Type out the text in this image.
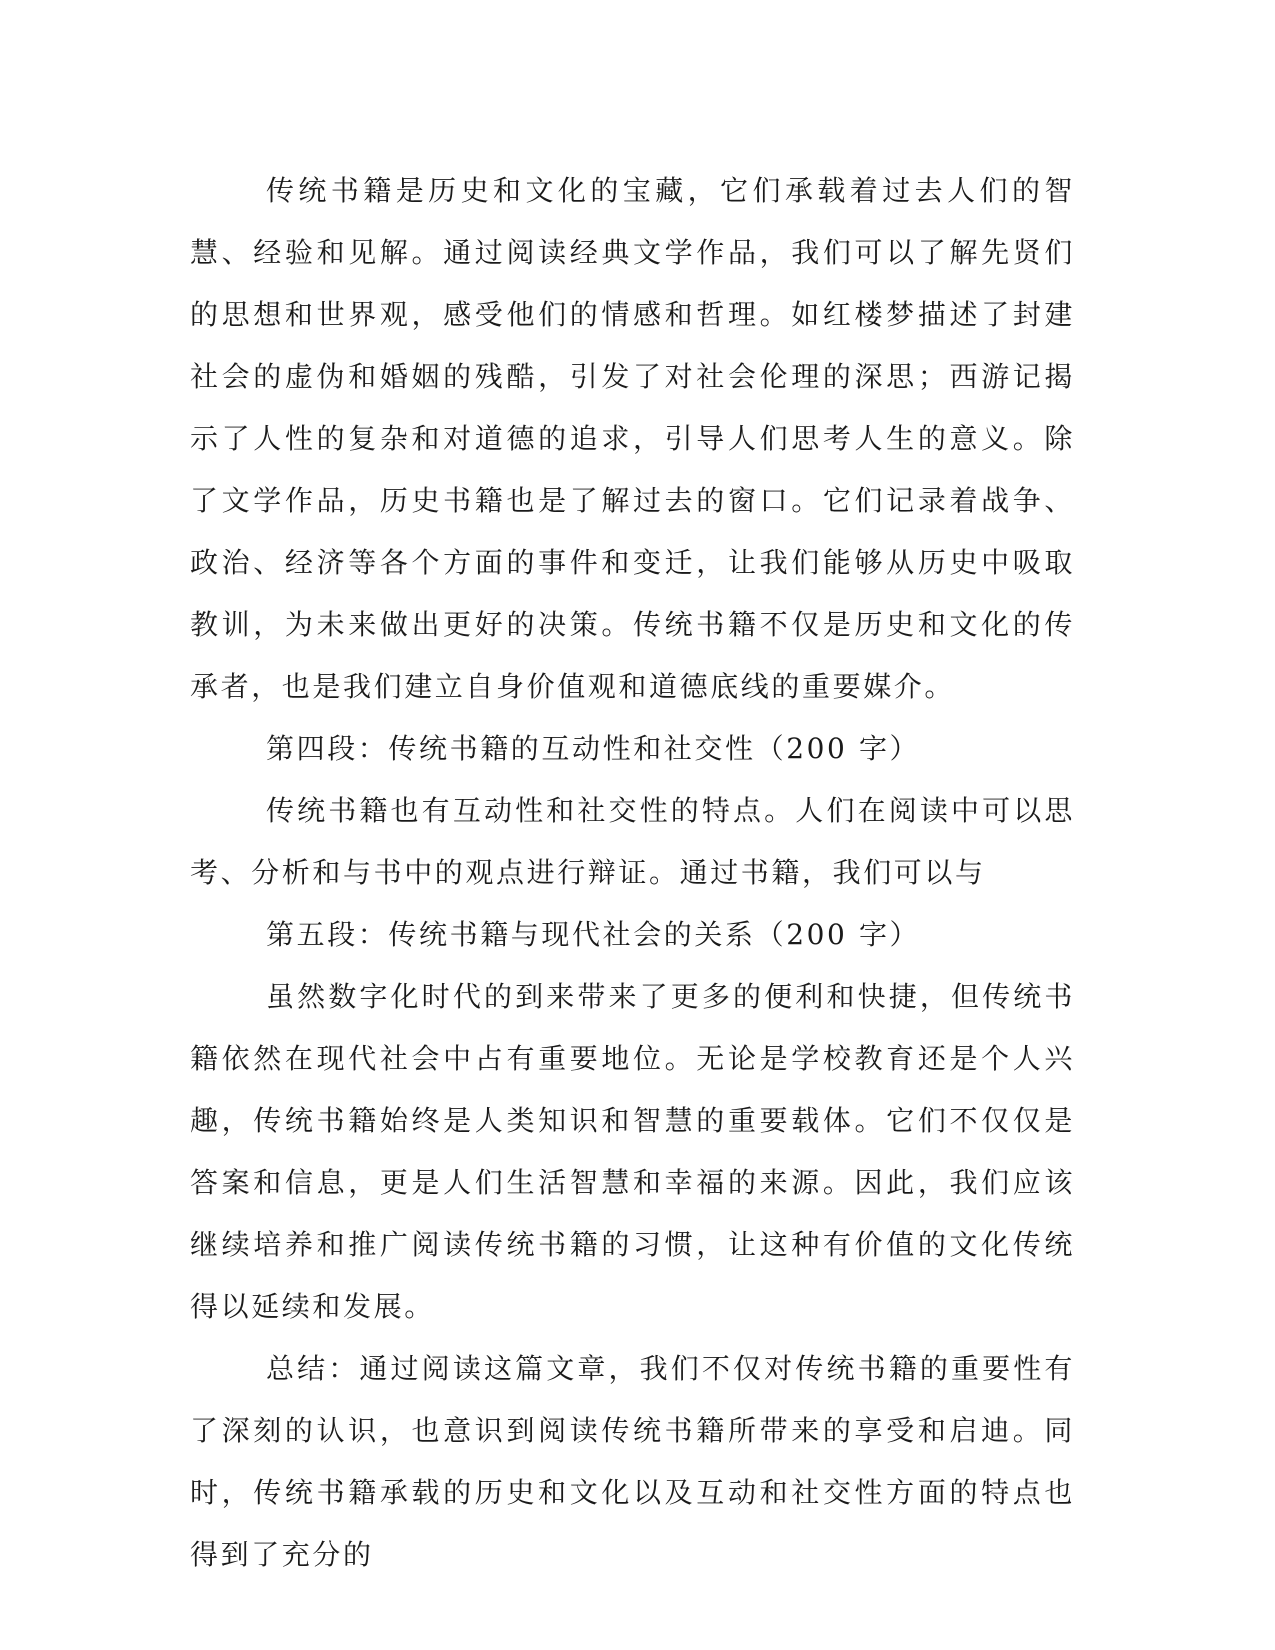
传统书籍是历史和文化的宝藏，它们承载着过去人们的智慧、经验和见解。通过阅读经典文学作品，我们可以了解先贤们的思想和世界观，感受他们的情感和哲理。如红楼梦描述了封建社会的虚伪和婚姻的残酷，引发了对社会伦理的深思；西游记揭示了人性的复杂和对道德的追求，引导人们思考人生的意义。除了文学作品，历史书籍也是了解过去的窗口。它们记录着战争、政治、经济等各个方面的事件和变迁，让我们能够从历史中吸取教训，为未来做出更好的决策。传统书籍不仅是历史和文化的传承者，也是我们建立自身价值观和道德底线的重要媒介。

第四段：传统书籍的互动性和社交性（200 字）

传统书籍也有互动性和社交性的特点。人们在阅读中可以思考、分析和与书中的观点进行辩证。通过书籍，我们可以与

第五段：传统书籍与现代社会的关系（200 字）

虽然数字化时代的到来带来了更多的便利和快捷，但传统书籍依然在现代社会中占有重要地位。无论是学校教育还是个人兴趣，传统书籍始终是人类知识和智慧的重要载体。它们不仅仅是答案和信息，更是人们生活智慧和幸福的来源。因此，我们应该继续培养和推广阅读传统书籍的习惯，让这种有价值的文化传统得以延续和发展。

总结：通过阅读这篇文章，我们不仅对传统书籍的重要性有了深刻的认识，也意识到阅读传统书籍所带来的享受和启迪。同时，传统书籍承载的历史和文化以及互动和社交性方面的特点也得到了充分的
